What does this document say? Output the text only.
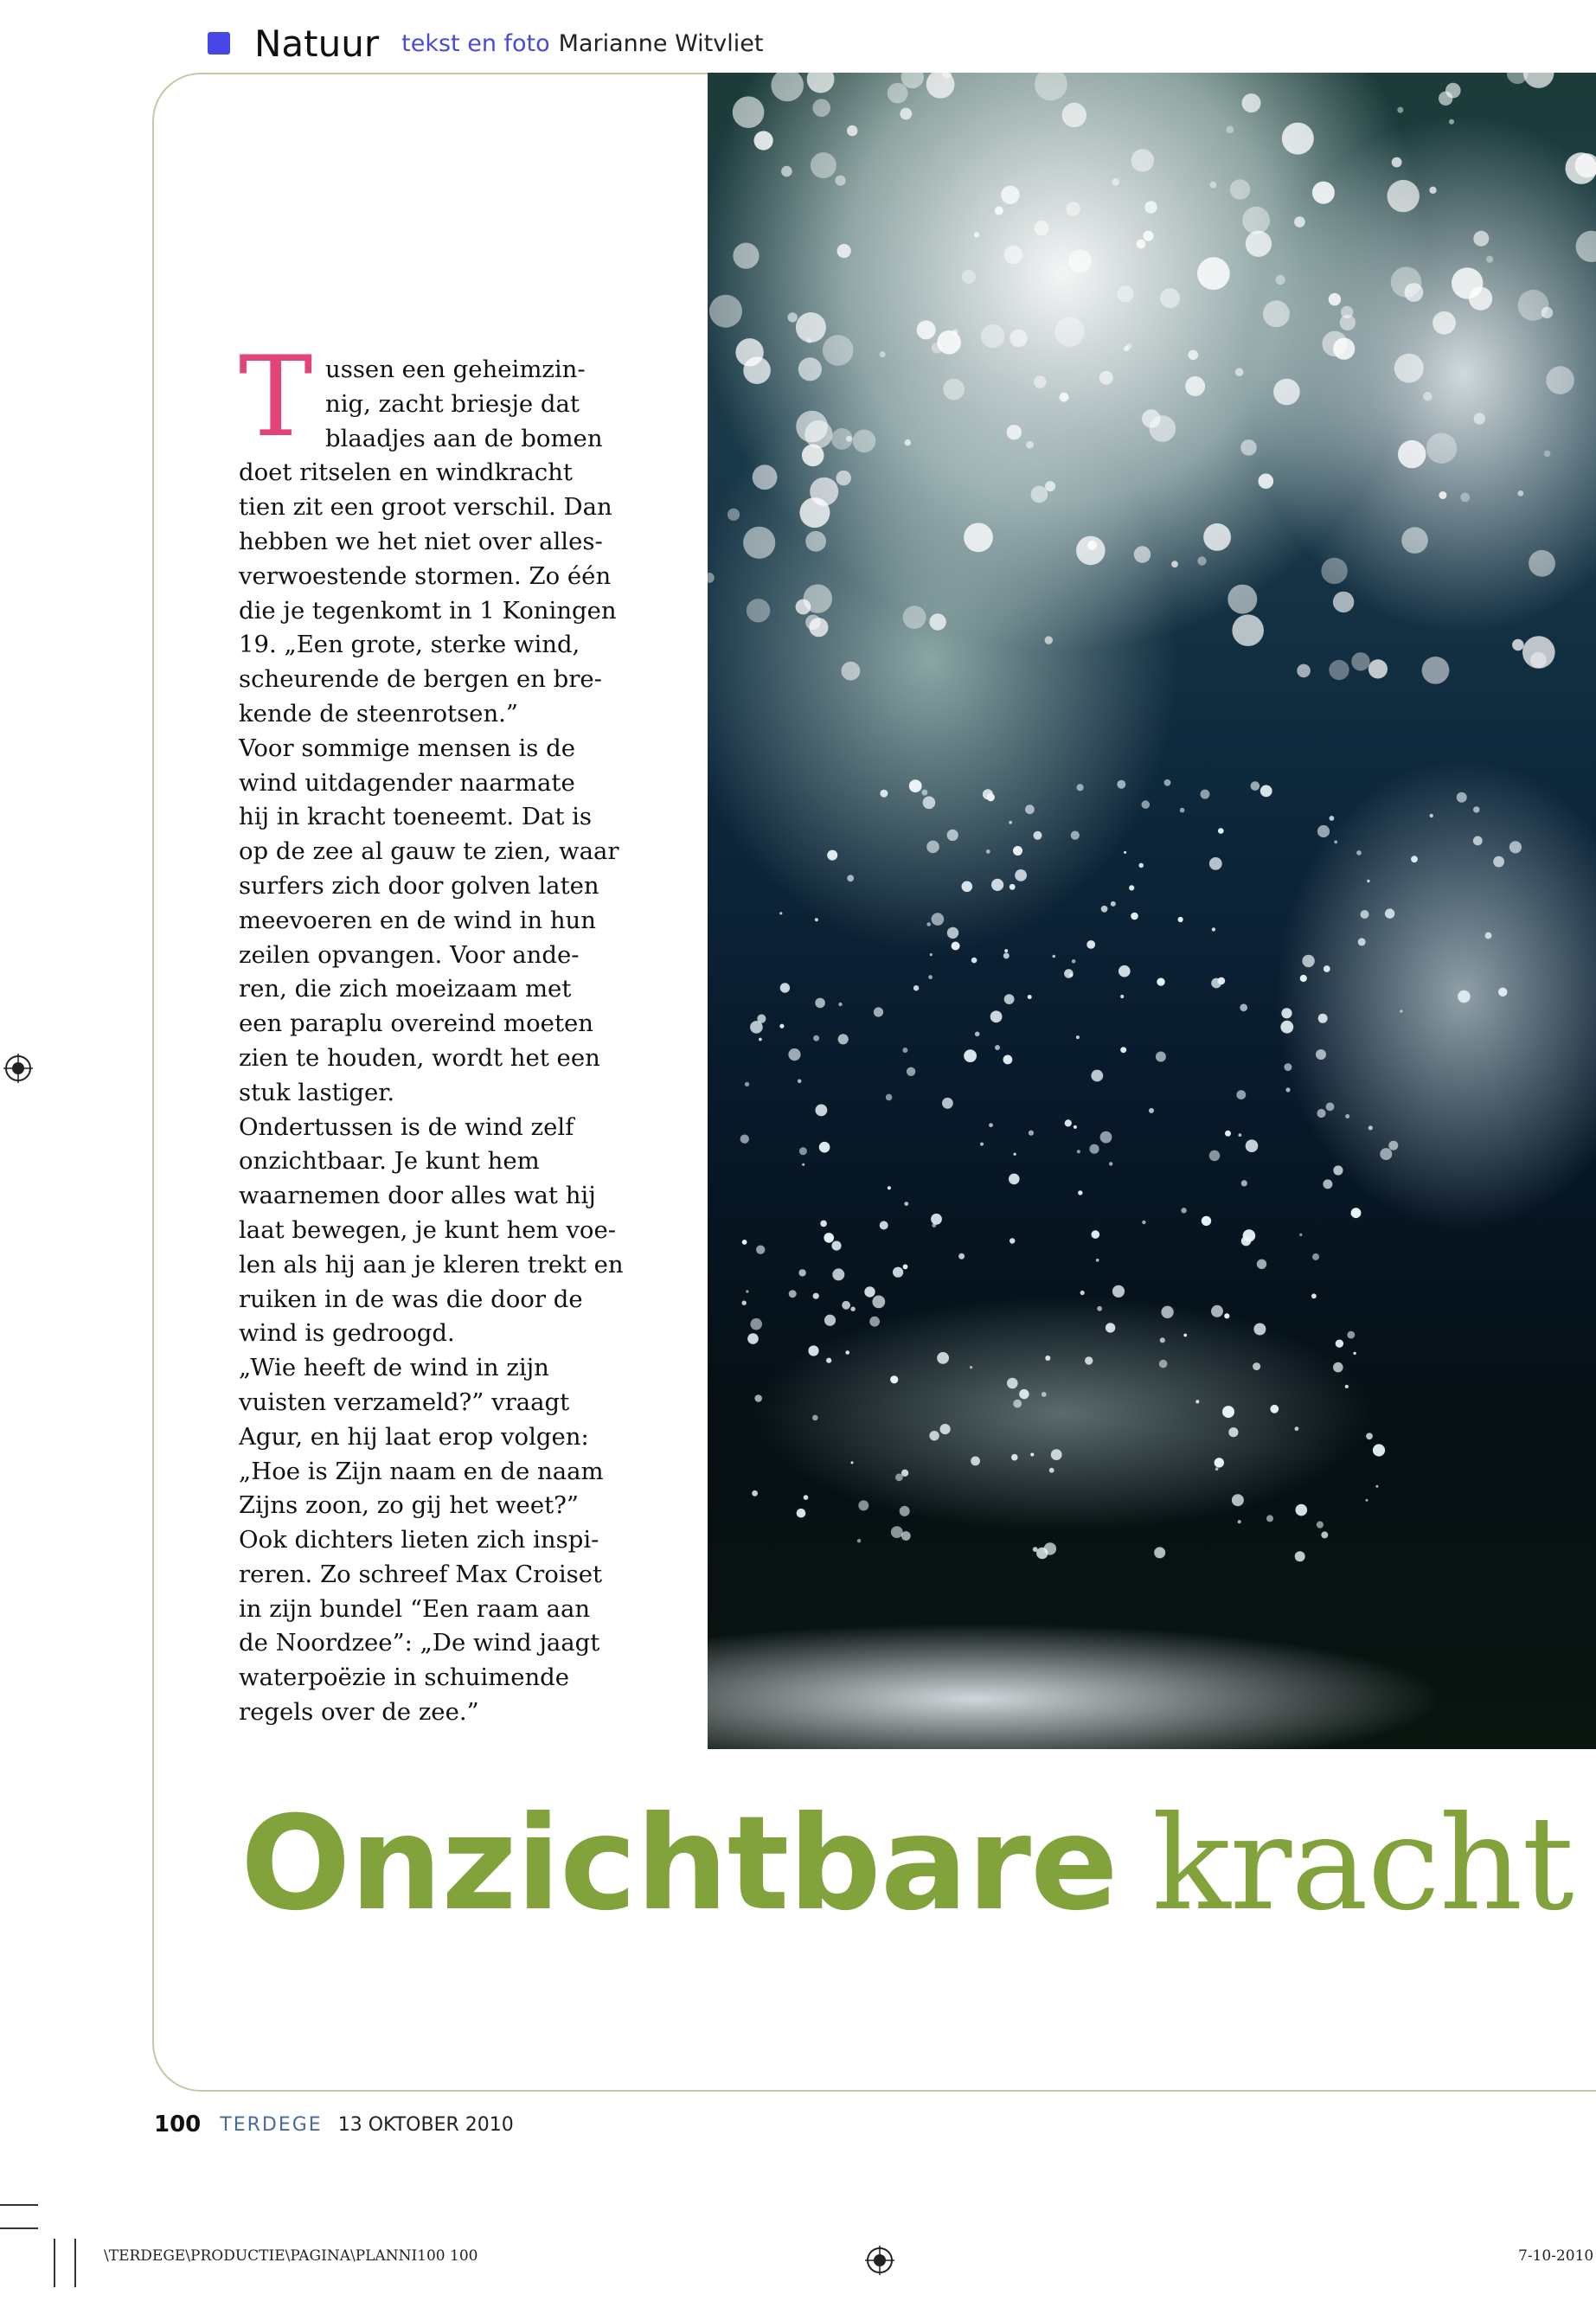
Natuur tekst en foto Marianne Witvliet
T ussen een geheimzin-
nig, zacht briesje dat
blaadjes aan de bomen
doet ritselen en windkracht
tien zit een groot verschil. Dan
hebben we het niet over alles-
verwoestende stormen. Zo één
die je tegenkomt in 1 Koningen
19. „Een grote, sterke wind,
scheurende de bergen en bre-
kende de steenrotsen.”
Voor sommige mensen is de
wind uitdagender naarmate
hij in kracht toeneemt. Dat is
op de zee al gauw te zien, waar
surfers zich door golven laten
meevoeren en de wind in hun
zeilen opvangen. Voor ande-
ren, die zich moeizaam met
een paraplu overeind moeten
zien te houden, wordt het een
stuk lastiger.
Ondertussen is de wind zelf
onzichtbaar. Je kunt hem
waarnemen door alles wat hij
laat bewegen, je kunt hem voe-
len als hij aan je kleren trekt en
ruiken in de was die door de
wind is gedroogd.
„Wie heeft de wind in zijn
vuisten verzameld?” vraagt
Agur, en hij laat erop volgen:
„Hoe is Zijn naam en de naam
Zijns zoon, zo gij het weet?”
Ook dichters lieten zich inspi-
reren. Zo schreef Max Croiset
in zijn bundel “Een raam aan
de Noordzee”: „De wind jaagt
waterpoëzie in schuimende
regels over de zee.”
Onzichtbare kracht
100 TERDEGE 13 OKTOBER 2010
\TERDEGE\PRODUCTIE\PAGINA\PLANNI100 100	7-10-2010
